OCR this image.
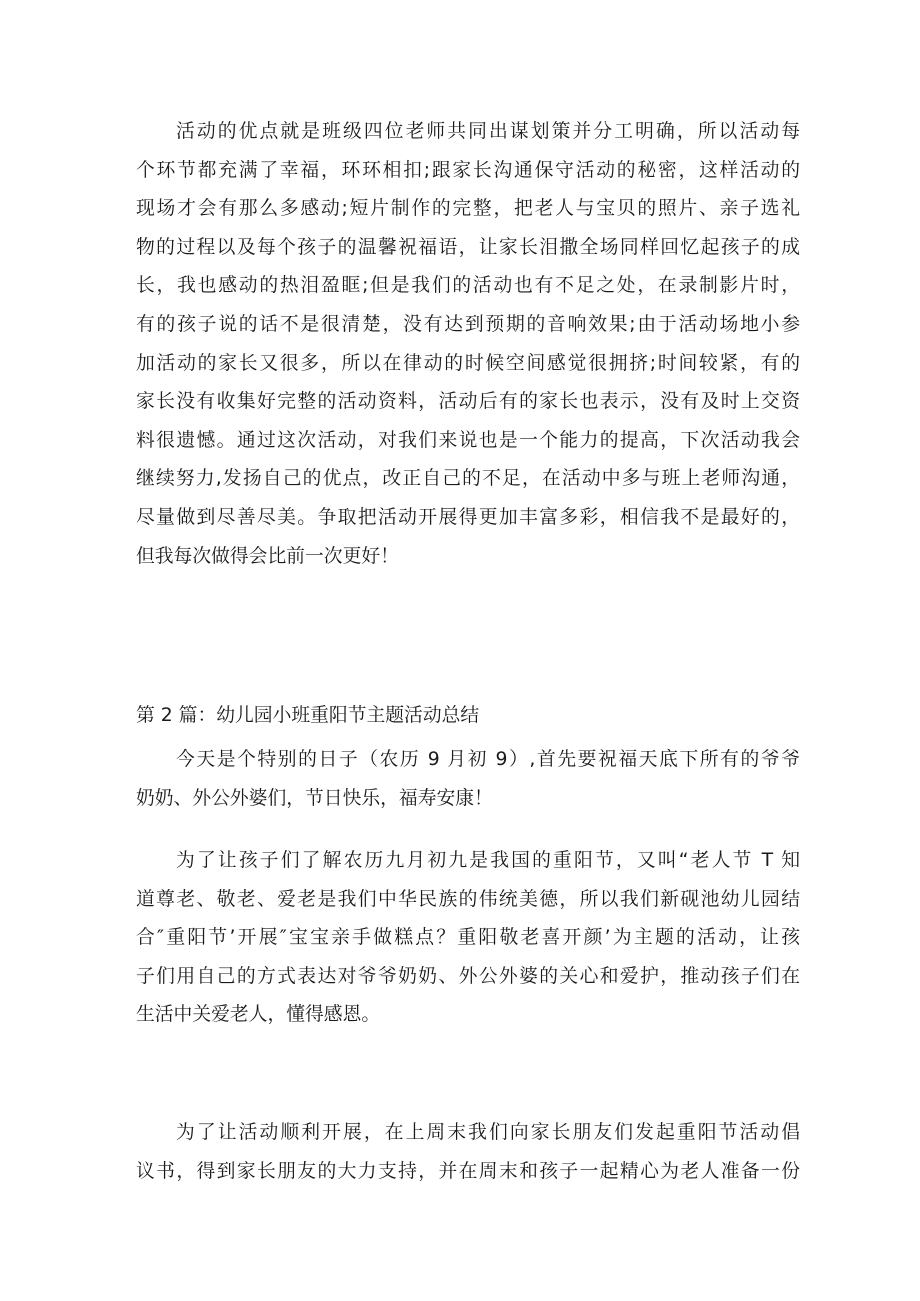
活动的优点就是班级四位老师共同出谋划策并分工明确，所以活动每
个环节都充满了幸福，环环相扣;跟家长沟通保守活动的秘密，这样活动的
现场才会有那么多感动;短片制作的完整，把老人与宝贝的照片、亲子选礼
物的过程以及每个孩子的温馨祝福语，让家长泪撒全场同样回忆起孩子的成
长，我也感动的热泪盈眶;但是我们的活动也有不足之处，在录制影片时，
有的孩子说的话不是很清楚，没有达到预期的音响效果;由于活动场地小参
加活动的家长又很多，所以在律动的时候空间感觉很拥挤;时间较紧，有的
家长没有收集好完整的活动资料，活动后有的家长也表示，没有及时上交资
料很遗憾。通过这次活动，对我们来说也是一个能力的提高，下次活动我会
继续努力,发扬自己的优点，改正自己的不足，在活动中多与班上老师沟通，
尽量做到尽善尽美。争取把活动开展得更加丰富多彩，相信我不是最好的，
但我每次做得会比前一次更好！
第 2 篇：幼儿园小班重阳节主题活动总结
今天是个特别的日子（农历 9 月初 9）,首先要祝福天底下所有的爷爷
奶奶、外公外婆们，节日快乐，福寿安康！
为了让孩子们了解农历九月初九是我国的重阳节，又叫“老人节 T 知
道尊老、敬老、爱老是我们中华民族的伟统美德，所以我们新砚池幼儿园结
合″重阳节’开展″宝宝亲手做糕点？重阳敬老喜开颜’为主题的活动，让孩
子们用自己的方式表达对爷爷奶奶、外公外婆的关心和爱护，推动孩子们在
生活中关爱老人，懂得感恩。
为了让活动顺利开展，在上周末我们向家长朋友们发起重阳节活动倡
议书，得到家长朋友的大力支持，并在周末和孩子一起精心为老人准备一份
